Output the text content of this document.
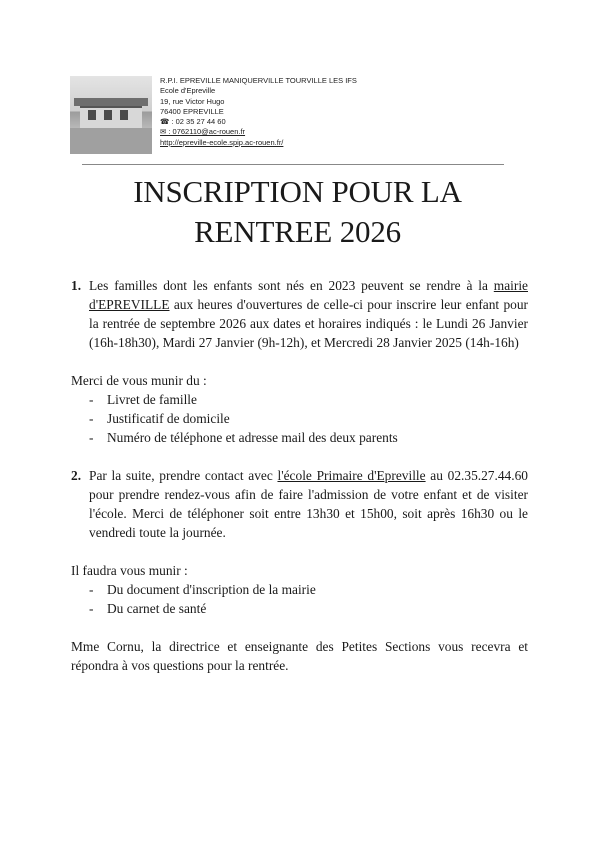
R.P.I. EPREVILLE MANIQUERVILLE TOURVILLE LES IFS
Ecole d'Epreville
19, rue Victor Hugo
76400 EPREVILLE
☎ : 02 35 27 44 60
✉ : 0762110@ac-rouen.fr
http://epreville-ecole.spip.ac-rouen.fr/
INSCRIPTION POUR LA
RENTREE 2026
1. Les familles dont les enfants sont nés en 2023 peuvent se rendre à la mairie d'EPREVILLE aux heures d'ouvertures de celle-ci pour inscrire leur enfant pour la rentrée de septembre 2026 aux dates et horaires indiqués : le Lundi 26 Janvier (16h-18h30), Mardi 27 Janvier (9h-12h), et Mercredi 28 Janvier 2025 (14h-16h)

Merci de vous munir du :

- Livret de famille
- Justificatif de domicile
- Numéro de téléphone et adresse mail des deux parents
2. Par la suite, prendre contact avec l'école Primaire d'Epreville au 02.35.27.44.60 pour prendre rendez-vous afin de faire l'admission de votre enfant et de visiter l'école. Merci de téléphoner soit entre 13h30 et 15h00, soit après 16h30 ou le vendredi toute la journée.

Il faudra vous munir :

- Du document d'inscription de la mairie
- Du carnet de santé

Mme Cornu, la directrice et enseignante des Petites Sections vous recevra et répondra à vos questions pour la rentrée.
